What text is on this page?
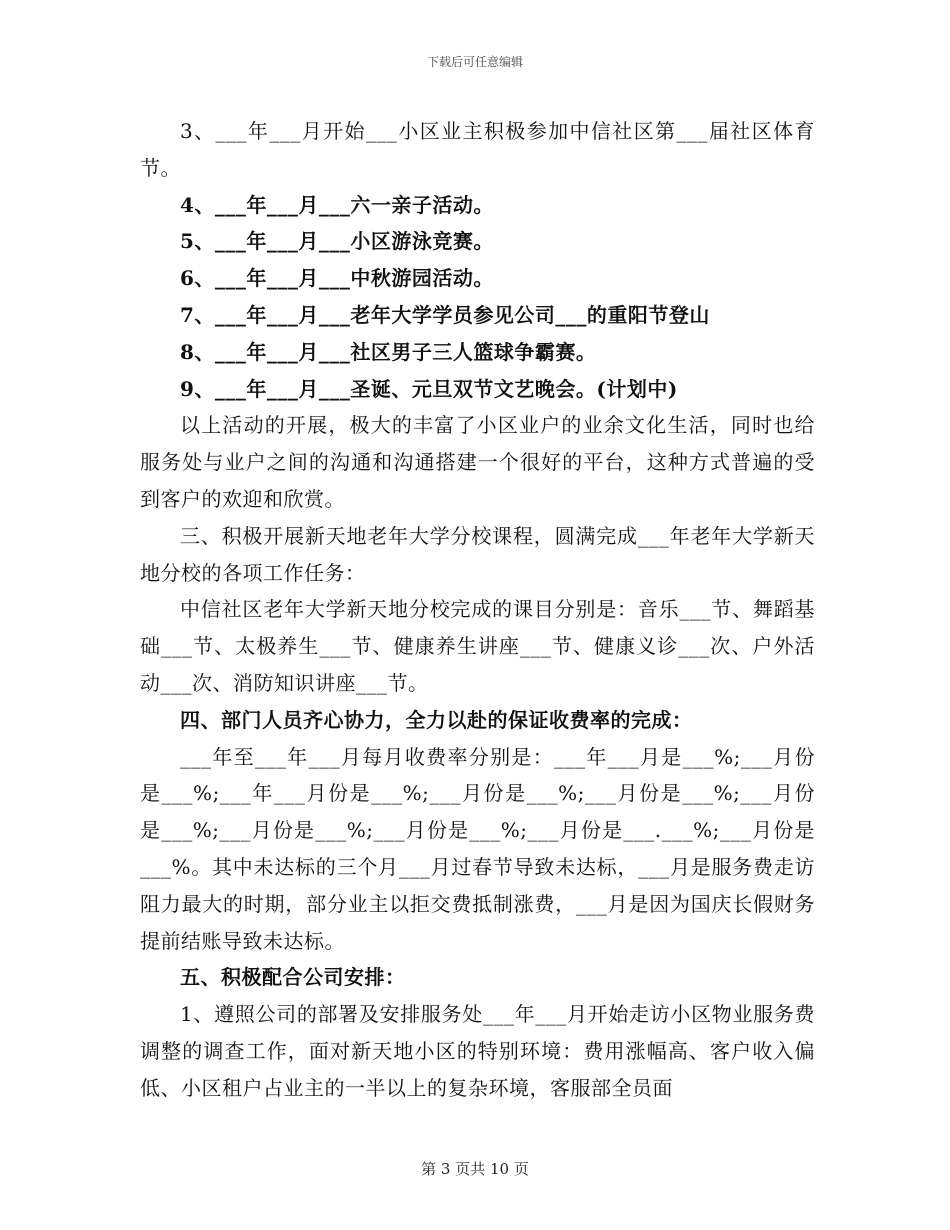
下载后可任意编辑

3、___年___月开始___小区业主积极参加中信社区第___届社区体育节。

4、___年___月___六一亲子活动。

5、___年___月___小区游泳竞赛。

6、___年___月___中秋游园活动。

7、___年___月___老年大学学员参见公司___的重阳节登山

8、___年___月___社区男子三人篮球争霸赛。

9、___年___月___圣诞、元旦双节文艺晚会。(计划中)

以上活动的开展，极大的丰富了小区业户的业余文化生活，同时也给服务处与业户之间的沟通和沟通搭建一个很好的平台，这种方式普遍的受到客户的欢迎和欣赏。

三、积极开展新天地老年大学分校课程，圆满完成___年老年大学新天地分校的各项工作任务：

中信社区老年大学新天地分校完成的课目分别是：音乐___节、舞蹈基础___节、太极养生___节、健康养生讲座___节、健康义诊___次、户外活动___次、消防知识讲座___节。

四、部门人员齐心协力，全力以赴的保证收费率的完成：

___年至___年___月每月收费率分别是：___年___月是___%;___月份是___%;___年___月份是___%;___月份是___%;___月份是___%;___月份是___%;___月份是___%;___月份是___%;___月份是___.___%;___月份是___%。其中未达标的三个月___月过春节导致未达标，___月是服务费走访阻力最大的时期，部分业主以拒交费抵制涨费，___月是因为国庆长假财务提前结账导致未达标。

五、积极配合公司安排：

1、遵照公司的部署及安排服务处___年___月开始走访小区物业服务费调整的调查工作，面对新天地小区的特别环境：费用涨幅高、客户收入偏低、小区租户占业主的一半以上的复杂环境，客服部全员面

第 3 页共 10 页
